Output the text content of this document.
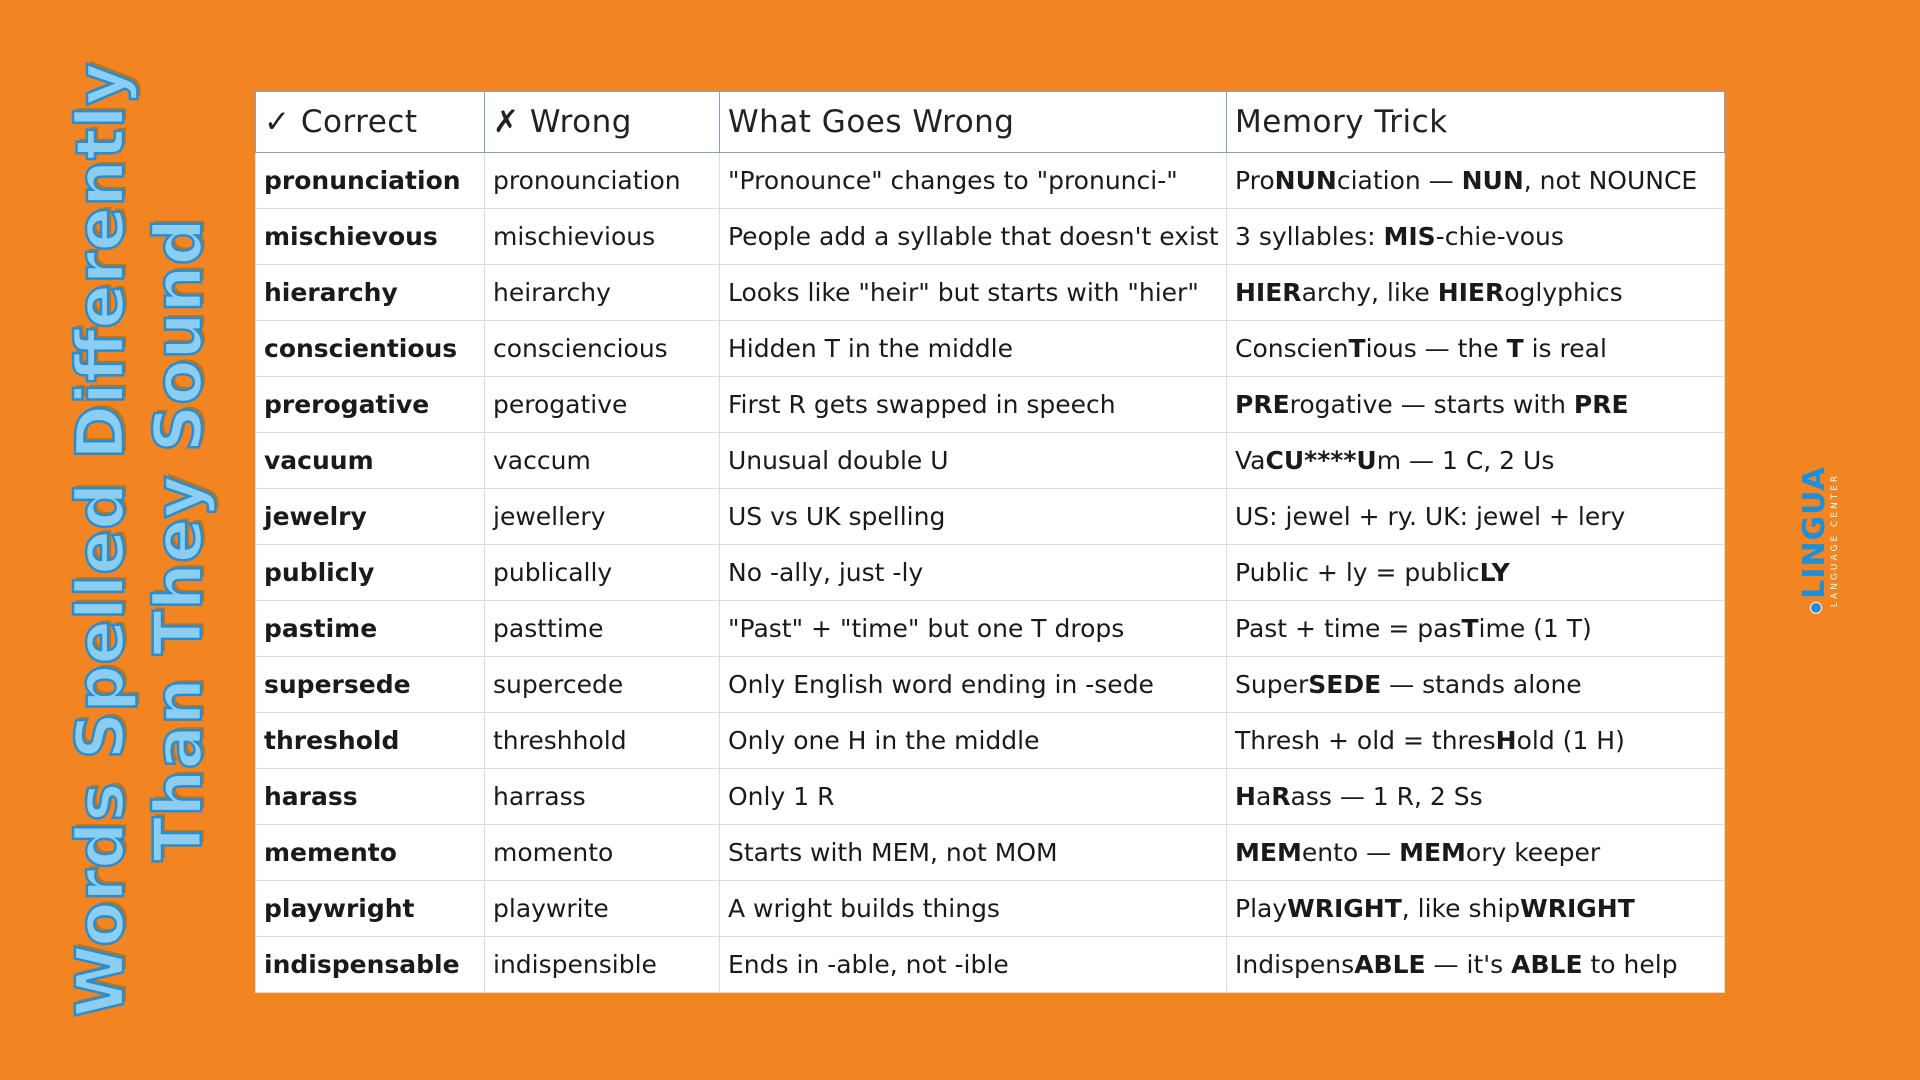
Words Spelled Differently Than They Sound
✓ Correct	✗ Wrong	What Goes Wrong	Memory Trick
pronunciation	pronounciation	"Pronounce" changes to "pronunci-"	ProNUNciation — NUN, not NOUNCE
mischievous	mischievious	People add a syllable that doesn't exist	3 syllables: MIS-chie-vous
hierarchy	heirarchy	Looks like "heir" but starts with "hier"	HIERarchy, like HIERoglyphics
conscientious	consciencious	Hidden T in the middle	ConscienTious — the T is real
prerogative	perogative	First R gets swapped in speech	PRErogative — starts with PRE
vacuum	vaccum	Unusual double U	VaCU****Um — 1 C, 2 Us
jewelry	jewellery	US vs UK spelling	US: jewel + ry. UK: jewel + lery
publicly	publically	No -ally, just -ly	Public + ly = publicLY
pastime	pasttime	"Past" + "time" but one T drops	Past + time = pasTime (1 T)
supersede	supercede	Only English word ending in -sede	SuperSEDE — stands alone
threshold	threshhold	Only one H in the middle	Thresh + old = thresHold (1 H)
harass	harrass	Only 1 R	HaRass — 1 R, 2 Ss
memento	momento	Starts with MEM, not MOM	MEMento — MEMory keeper
playwright	playwrite	A wright builds things	PlayWRIGHT, like shipWRIGHT
indispensable	indispensible	Ends in -able, not -ible	IndispensABLE — it's ABLE to help
LINGUA
LANGUAGE CENTER
